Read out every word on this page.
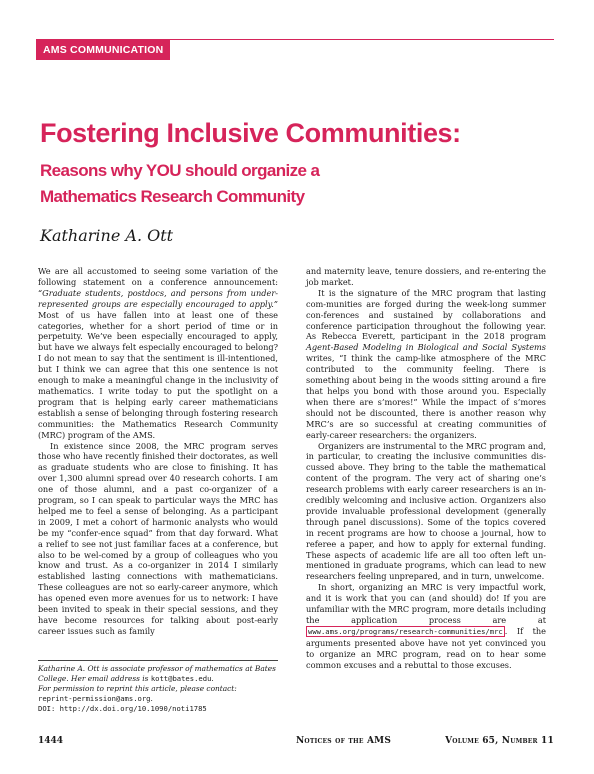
AMS COMMUNICATION
Fostering Inclusive Communities:
Reasons why YOU should organize a Mathematics Research Community

Katharine A. Ott

We are all accustomed to seeing some variation of the following statement on a conference announcement: “Graduate students, postdocs, and persons from under-represented groups are especially encouraged to apply.” Most of us have fallen into at least one of these categories, whether for a short period of time or in perpetuity. We’ve been especially encouraged to apply, but have we always felt especially encouraged to belong? I do not mean to say that the sentiment is ill-intentioned, but I think we can agree that this one sentence is not enough to make a meaningful change in the inclusivity of mathematics. I write today to put the spotlight on a program that is helping early career mathematicians establish a sense of belonging through fostering research communities: the Mathematics Research Community (MRC) program of the AMS.

In existence since 2008, the MRC program serves those who have recently finished their doctorates, as well as graduate students who are close to finishing. It has over 1,300 alumni spread over 40 research cohorts. I am one of those alumni, and a past co-organizer of a program, so I can speak to particular ways the MRC has helped me to feel a sense of belonging. As a participant in 2009, I met a cohort of harmonic analysts who would be my “confer-ence squad” from that day forward. What a relief to see not just familiar faces at a conference, but also to be wel-comed by a group of colleagues who you know and trust. As a co-organizer in 2014 I similarly established lasting connections with mathematicians. These colleagues are not so early-career anymore, which has opened even more avenues for us to network: I have been invited to speak in their special sessions, and they have become resources for talking about post-early career issues such as family

and maternity leave, tenure dossiers, and re-entering the job market.

It is the signature of the MRC program that lasting com-munities are forged during the week-long summer con-ferences and sustained by collaborations and conference participation throughout the following year. As Rebecca Everett, participant in the 2018 program Agent-Based Modeling in Biological and Social Systems writes, “I think the camp-like atmosphere of the MRC contributed to the community feeling. There is something about being in the woods sitting around a fire that helps you bond with those around you. Especially when there are s’mores!” While the impact of s’mores should not be discounted, there is another reason why MRC’s are so successful at creating communities of early-career researchers: the organizers.

Organizers are instrumental to the MRC program and, in particular, to creating the inclusive communities dis-cussed above. They bring to the table the mathematical content of the program. The very act of sharing one’s research problems with early career researchers is an in-credibly welcoming and inclusive action. Organizers also provide invaluable professional development (generally through panel discussions). Some of the topics covered in recent programs are how to choose a journal, how to referee a paper, and how to apply for external funding. These aspects of academic life are all too often left un-mentioned in graduate programs, which can lead to new researchers feeling unprepared, and in turn, unwelcome.

In short, organizing an MRC is very impactful work, and it is work that you can (and should) do! If you are unfamiliar with the MRC program, more details including the application process are at www.ams.org/programs/research-communities/mrc . If the arguments presented above have not yet convinced you to organize an MRC program, read on to hear some common excuses and a rebuttal to those excuses.

Katharine A. Ott is associate professor of mathematics at Bates College. Her email address is kott@bates.edu.

For permission to reprint this article, please contact:
reprint-permission@ams.org.

DOI: http://dx.doi.org/10.1090/noti1785

1444	Notices of the AMS	Volume 65, Number 11
